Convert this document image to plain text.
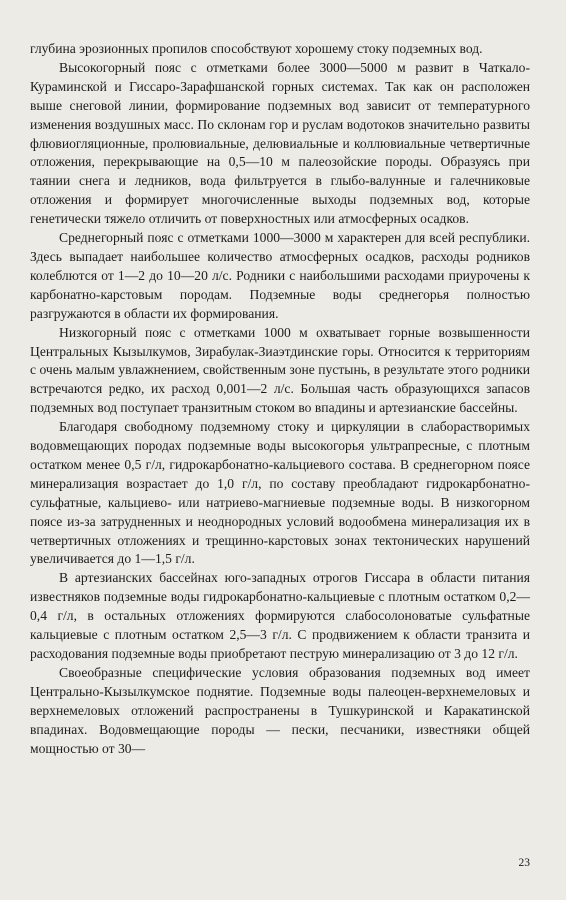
глубина эрозионных пропилов способствуют хорошему стоку подземных вод.

Высокогорный пояс с отметками более 3000—5000 м развит в Чаткало-Кураминской и Гиссаро-Зарафшанской горных системах. Так как он расположен выше снеговой линии, формирование подземных вод зависит от температурного изменения воздушных масс. По склонам гор и руслам водотоков значительно развиты флювиогляционные, пролювиальные, делювиальные и коллювиальные четвертичные отложения, перекрывающие на 0,5—10 м палеозойские породы. Образуясь при таянии снега и ледников, вода фильтруется в глыбо-валунные и галечниковые отложения и формирует многочисленные выходы подземных вод, которые генетически тяжело отличить от поверхностных или атмосферных осадков.

Среднегорный пояс с отметками 1000—3000 м характерен для всей республики. Здесь выпадает наибольшее количество атмосферных осадков, расходы родников колеблются от 1—2 до 10—20 л/с. Родники с наибольшими расходами приурочены к карбонатно-карстовым породам. Подземные воды среднегорья полностью разгружаются в области их формирования.

Низкогорный пояс с отметками 1000 м охватывает горные возвышенности Центральных Кызылкумов, Зирабулак-Зиаэтдинские горы. Относится к территориям с очень малым увлажнением, свойственным зоне пустынь, в результате этого родники встречаются редко, их расход 0,001—2 л/с. Большая часть образующихся запасов подземных вод поступает транзитным стоком во впадины и артезианские бассейны.

Благодаря свободному подземному стоку и циркуляции в слаборастворимых водовмещающих породах подземные воды высокогорья ультрапресные, с плотным остатком менее 0,5 г/л, гидрокарбонатно-кальциевого состава. В среднегорном поясе минерализация возрастает до 1,0 г/л, по составу преобладают гидрокарбонатно-сульфатные, кальциево- или натриево-магниевые подземные воды. В низкогорном поясе из-за затрудненных и неоднородных условий водообмена минерализация их в четвертичных отложениях и трещинно-карстовых зонах тектонических нарушений увеличивается до 1—1,5 г/л.

В артезианских бассейнах юго-западных отрогов Гиссара в области питания известняков подземные воды гидрокарбонатно-кальциевые с плотным остатком 0,2—0,4 г/л, в остальных отложениях формируются слабосолоноватые сульфатные кальциевые с плотным остатком 2,5—3 г/л. С продвижением к области транзита и расходования подземные воды приобретают пеструю минерализацию от 3 до 12 г/л.

Своеобразные специфические условия образования подземных вод имеет Центрально-Кызылкумское поднятие. Подземные воды палеоцен-верхнемеловых и верхнемеловых отложений распространены в Тушкуринской и Каракатинской впадинах. Водовмещающие породы — пески, песчаники, известняки общей мощностью от 30—

23
